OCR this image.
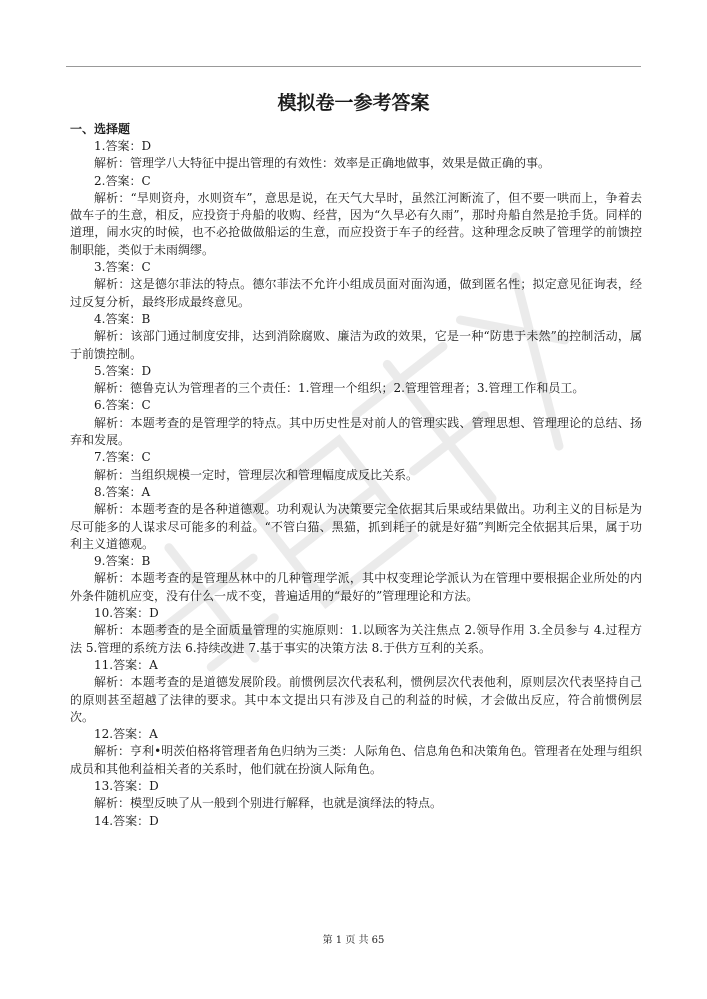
模拟卷一参考答案
一、选择题

1.答案：D

解析：管理学八大特征中提出管理的有效性：效率是正确地做事，效果是做正确的事。

2.答案：C

解析：“旱则资舟，水则资车”，意思是说，在天气大旱时，虽然江河断流了，但不要一哄而上，争着去做车子的生意，相反，应投资于舟船的收购、经营，因为“久旱必有久雨”，那时舟船自然是抢手货。同样的道理，闹水灾的时候，也不必抢做做船运的生意，而应投资于车子的经营。这种理念反映了管理学的前馈控制职能，类似于未雨绸缪。

3.答案：C

解析：这是德尔菲法的特点。德尔菲法不允许小组成员面对面沟通，做到匿名性；拟定意见征询表，经过反复分析，最终形成最终意见。

4.答案：B

解析：该部门通过制度安排，达到消除腐败、廉洁为政的效果，它是一种“防患于未然”的控制活动，属于前馈控制。

5.答案：D

解析：德鲁克认为管理者的三个责任：1.管理一个组织；2.管理管理者；3.管理工作和员工。

6.答案：C

解析：本题考查的是管理学的特点。其中历史性是对前人的管理实践、管理思想、管理理论的总结、扬弃和发展。

7.答案：C

解析：当组织规模一定时，管理层次和管理幅度成反比关系。

8.答案：A

解析：本题考查的是各种道德观。功利观认为决策要完全依据其后果或结果做出。功利主义的目标是为尽可能多的人谋求尽可能多的利益。“不管白猫、黑猫，抓到耗子的就是好猫”判断完全依据其后果，属于功利主义道德观。

9.答案：B

解析：本题考查的是管理丛林中的几种管理学派，其中权变理论学派认为在管理中要根据企业所处的内外条件随机应变，没有什么一成不变，普遍适用的“最好的”管理理论和方法。

10.答案：D

解析：本题考查的是全面质量管理的实施原则：1.以顾客为关注焦点 2.领导作用 3.全员参与 4.过程方法 5.管理的系统方法 6.持续改进 7.基于事实的决策方法 8.于供方互利的关系。

11.答案：A

解析：本题考查的是道德发展阶段。前惯例层次代表私利，惯例层次代表他利，原则层次代表坚持自己的原则甚至超越了法律的要求。其中本文提出只有涉及自己的利益的时候，才会做出反应，符合前惯例层次。

12.答案：A

解析：亨利•明茨伯格将管理者角色归纳为三类：人际角色、信息角色和决策角色。管理者在处理与组织成员和其他利益相关者的关系时，他们就在扮演人际角色。

13.答案：D

解析：模型反映了从一般到个别进行解释，也就是演绎法的特点。

14.答案：D

第 1 页 共 65
